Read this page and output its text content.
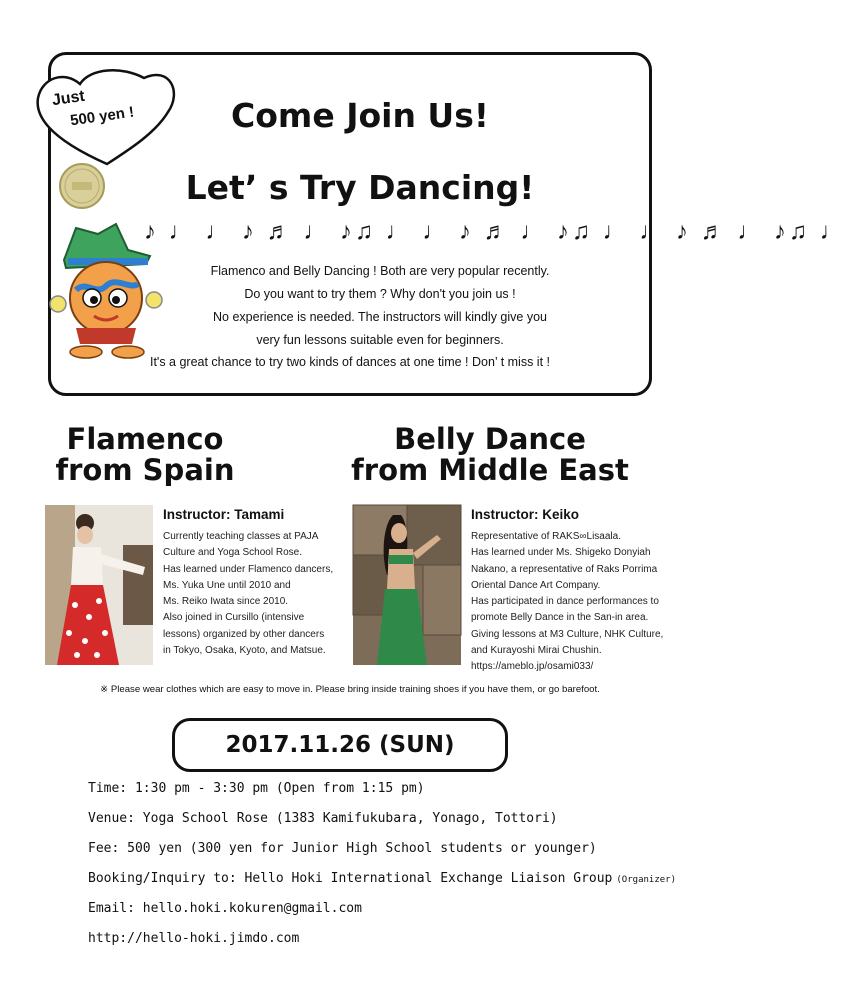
Just
500 yen !	Come Join Us!
Let’ s Try Dancing!
♪ ♩ ♩ ♪ ♬ ♩ ♪♫ ♩ ♩ ♪ ♬ ♩ ♪♫ ♩ ♩ ♪ ♬ ♩ ♪♫ ♩
Flamenco and Belly Dancing ! Both are very popular recently.
Do you want to try them ? Why don't you join us !
No experience is needed. The instructors will kindly give you
very fun lessons suitable even for beginners.
It's a great chance to try two kinds of dances at one time ! Don’ t miss it !
Flamenco
from Spain
Belly Dance
from Middle East
Instructor: Tamami	Instructor: Keiko
Currently teaching classes at PAJA
Culture and Yoga School Rose.
Has learned under Flamenco dancers,
Ms. Yuka Une until 2010 and
Ms. Reiko Iwata since 2010.
Also joined in Cursillo (intensive
lessons) organized by other dancers
in Tokyo, Osaka, Kyoto, and Matsue.
Representative of RAKS∞Lisaala.
Has learned under Ms. Shigeko Donyiah
Nakano, a representative of Raks Porrima
Oriental Dance Art Company.
Has participated in dance performances to
promote Belly Dance in the San-in area.
Giving lessons at M3 Culture, NHK Culture,
and Kurayoshi Mirai Chushin.
https://ameblo.jp/osami033/
※ Please wear clothes which are easy to move in. Please bring inside training shoes if you have them, or go barefoot.
2017.11.26 (SUN)
Time: 1:30 pm - 3:30 pm (Open from 1:15 pm)
Venue: Yoga School Rose (1383 Kamifukubara, Yonago, Tottori)
Fee: 500 yen (300 yen for Junior High School students or younger)
Booking/Inquiry to: Hello Hoki International Exchange Liaison Group (Organizer)
Email: hello.hoki.kokuren@gmail.com
http://hello-hoki.jimdo.com
